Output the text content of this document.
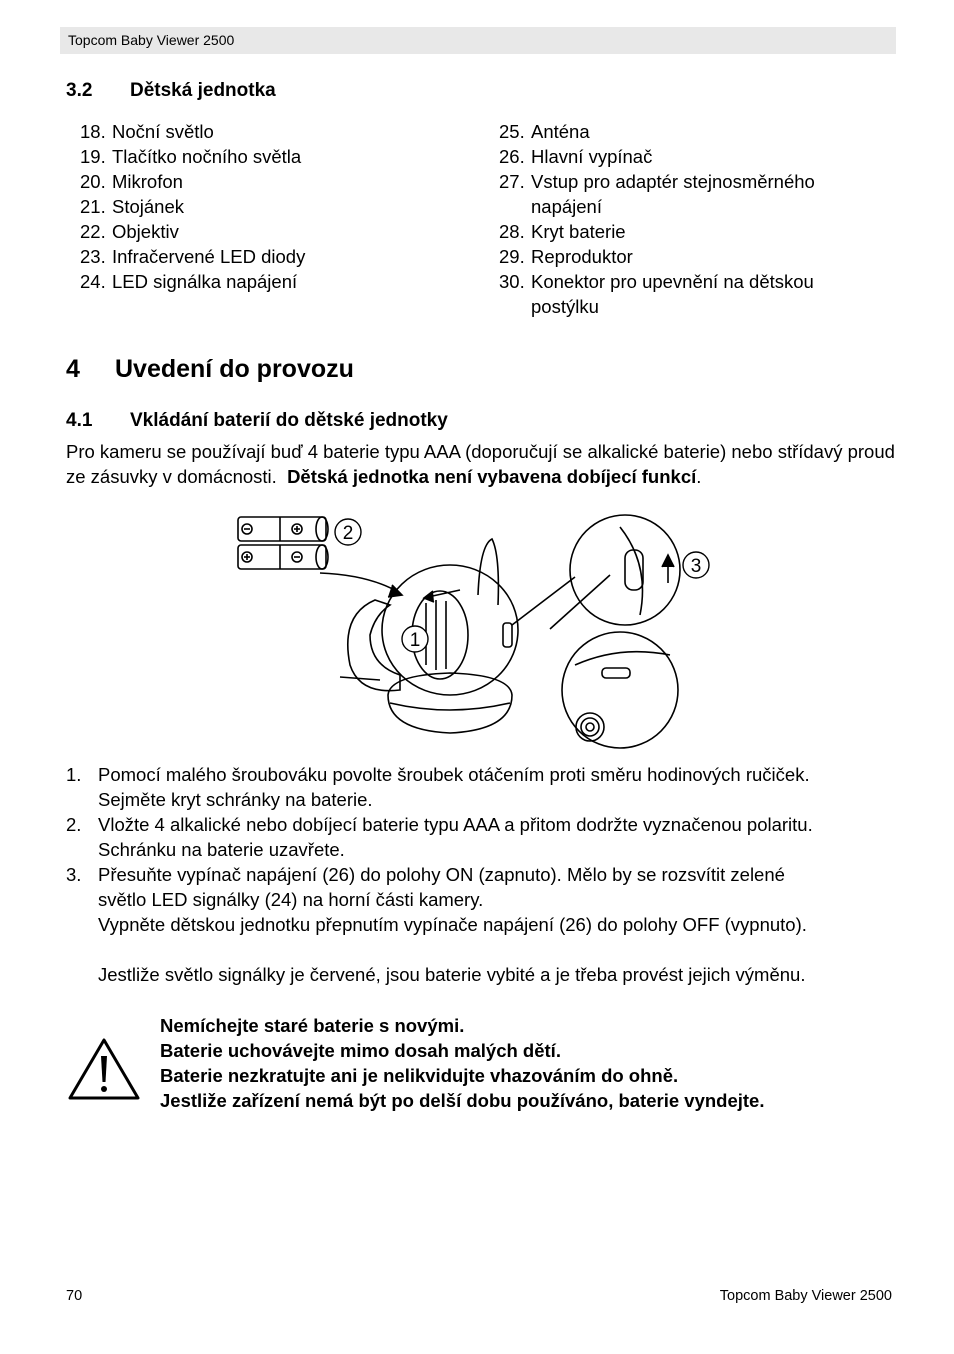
Topcom Baby Viewer 2500
3.2 Dětská jednotka
18. Noční světlo
19. Tlačítko nočního světla
20. Mikrofon
21. Stojánek
22. Objektiv
23. Infračervené LED diody
24. LED signálka napájení
25. Anténa
26. Hlavní vypínač
27. Vstup pro adaptér stejnosměrného napájení
28. Kryt baterie
29. Reproduktor
30. Konektor pro upevnění na dětskou postýlku
4 Uvedení do provozu
4.1 Vkládání baterií do dětské jednotky
Pro kameru se používají buď 4 baterie typu AAA (doporučují se alkalické baterie) nebo střídavý proud ze zásuvky v domácnosti. Dětská jednotka není vybavena dobíjecí funkcí.
2
1
3
1. Pomocí malého šroubováku povolte šroubek otáčením proti směru hodinových ručiček.
Sejměte kryt schránky na baterie.
2. Vložte 4 alkalické nebo dobíjecí baterie typu AAA a přitom dodržte vyznačenou polaritu.
Schránku na baterie uzavřete.
3. Přesuňte vypínač napájení (26) do polohy ON (zapnuto). Mělo by se rozsvítit zelené
světlo LED signálky (24) na horní části kamery.
Vypněte dětskou jednotku přepnutím vypínače napájení (26) do polohy OFF (vypnuto).
Jestliže světlo signálky je červené, jsou baterie vybité a je třeba provést jejich výměnu.
Nemíchejte staré baterie s novými.
Baterie uchovávejte mimo dosah malých dětí.
Baterie nezkratujte ani je nelikvidujte vhazováním do ohně.
Jestliže zařízení nemá být po delší dobu používáno, baterie vyndejte.
70	Topcom Baby Viewer 2500
